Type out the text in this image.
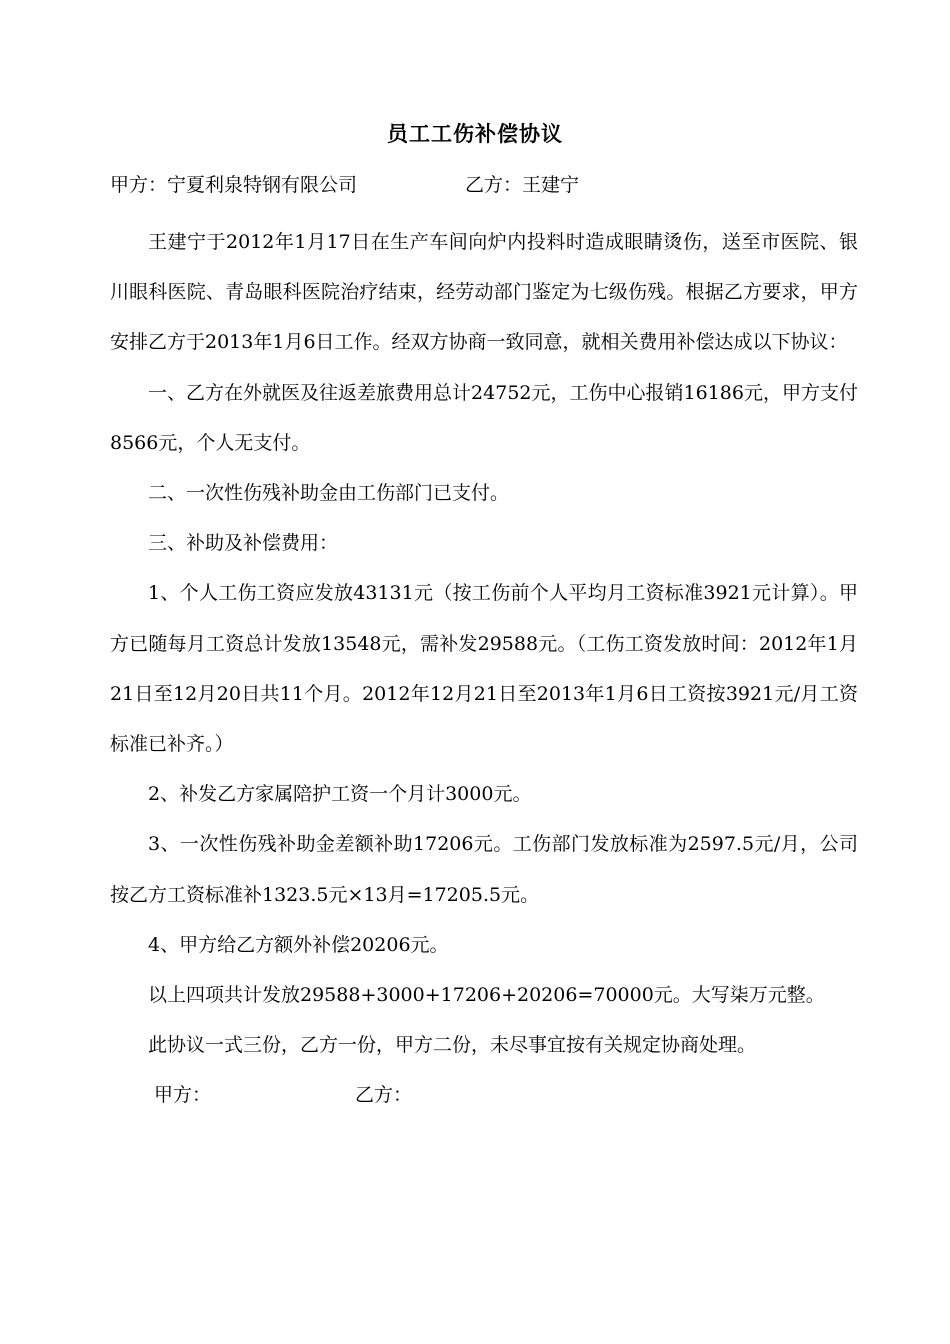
员工工伤补偿协议
甲方：宁夏利泉特钢有限公司	乙方：王建宁

王建宁于2012年1月17日在生产车间向炉内投料时造成眼睛烫伤，送至市医院、银川眼科医院、青岛眼科医院治疗结束，经劳动部门鉴定为七级伤残。根据乙方要求，甲方安排乙方于2013年1月6日工作。经双方协商一致同意，就相关费用补偿达成以下协议：

一、乙方在外就医及往返差旅费用总计24752元，工伤中心报销16186元，甲方支付8566元，个人无支付。

二、一次性伤残补助金由工伤部门已支付。

三、补助及补偿费用：

1、个人工伤工资应发放43131元（按工伤前个人平均月工资标准3921元计算）。甲方已随每月工资总计发放13548元，需补发29588元。（工伤工资发放时间：2012年1月21日至12月20日共11个月。2012年12月21日至2013年1月6日工资按3921元/月工资标准已补齐。）

2、补发乙方家属陪护工资一个月计3000元。

3、一次性伤残补助金差额补助17206元。工伤部门发放标准为2597.5元/月，公司按乙方工资标准补1323.5元×13月=17205.5元。

4、甲方给乙方额外补偿20206元。

以上四项共计发放29588+3000+17206+20206=70000元。大写柒万元整。

此协议一式三份，乙方一份，甲方二份，未尽事宜按有关规定协商处理。

甲方：	乙方：
